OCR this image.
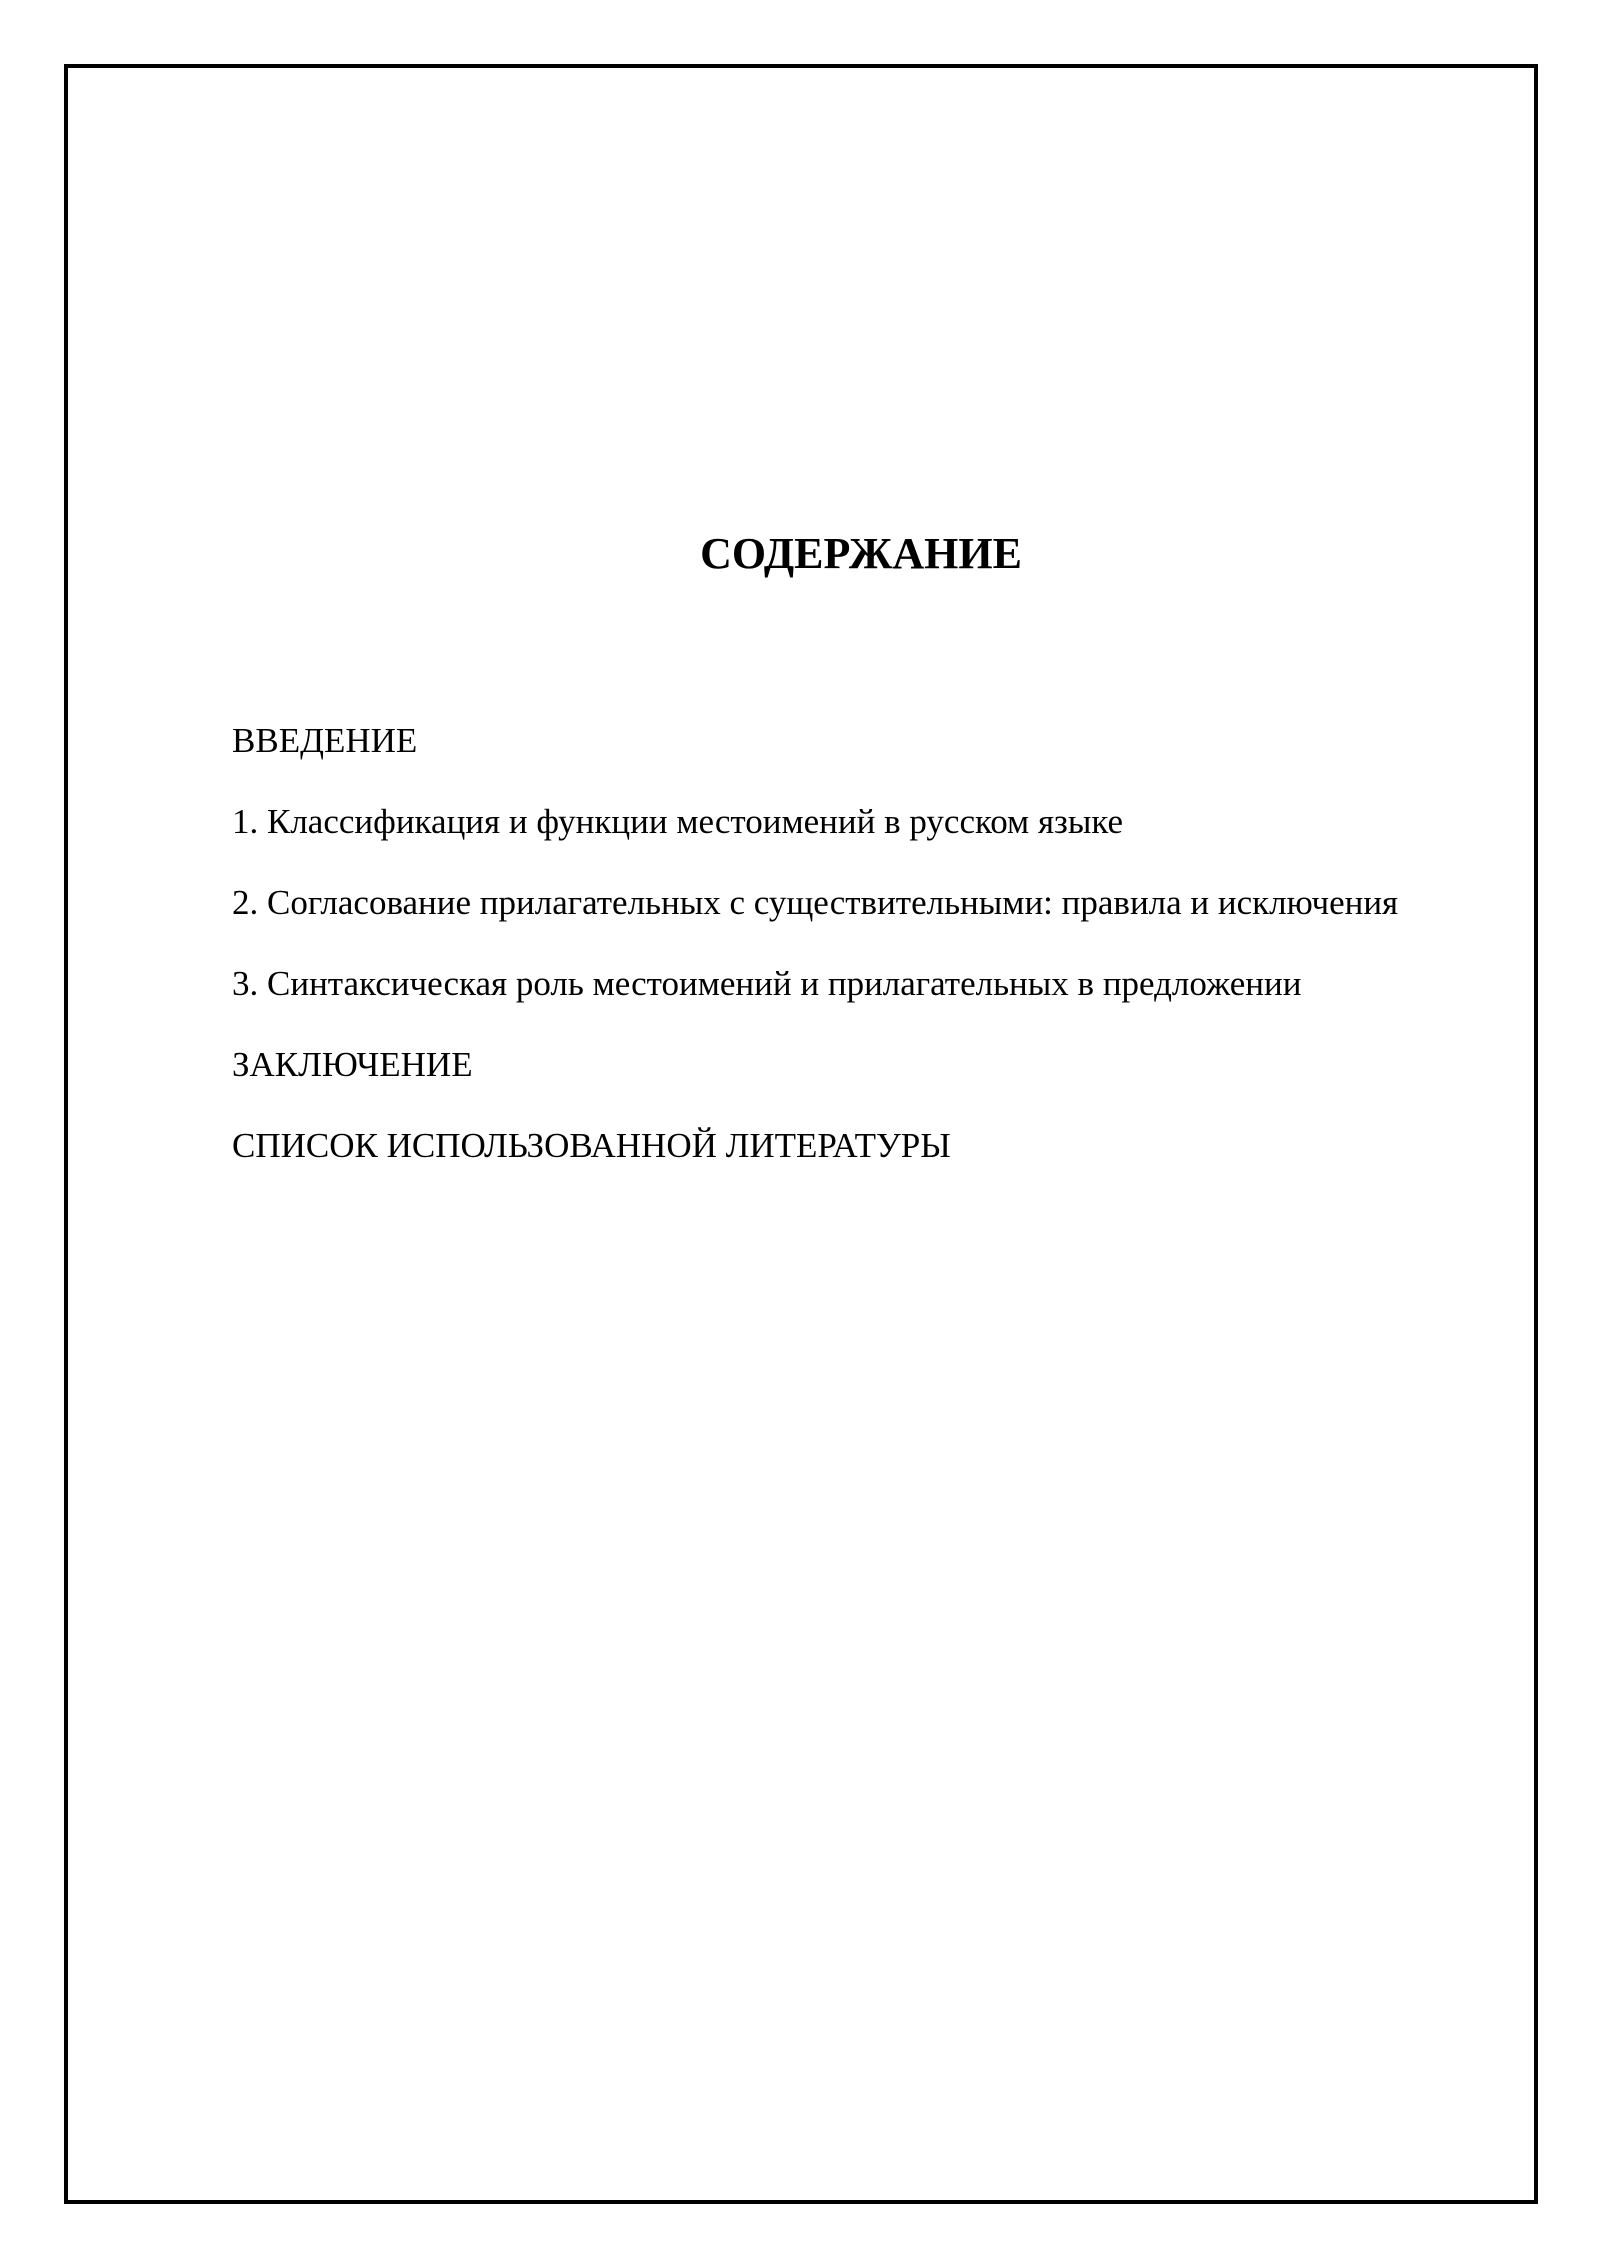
СОДЕРЖАНИЕ
ВВЕДЕНИЕ
1. Классификация и функции местоимений в русском языке
2. Согласование прилагательных с существительными: правила и исключения
3. Синтаксическая роль местоимений и прилагательных в предложении
ЗАКЛЮЧЕНИЕ
СПИСОК ИСПОЛЬЗОВАННОЙ ЛИТЕРАТУРЫ
